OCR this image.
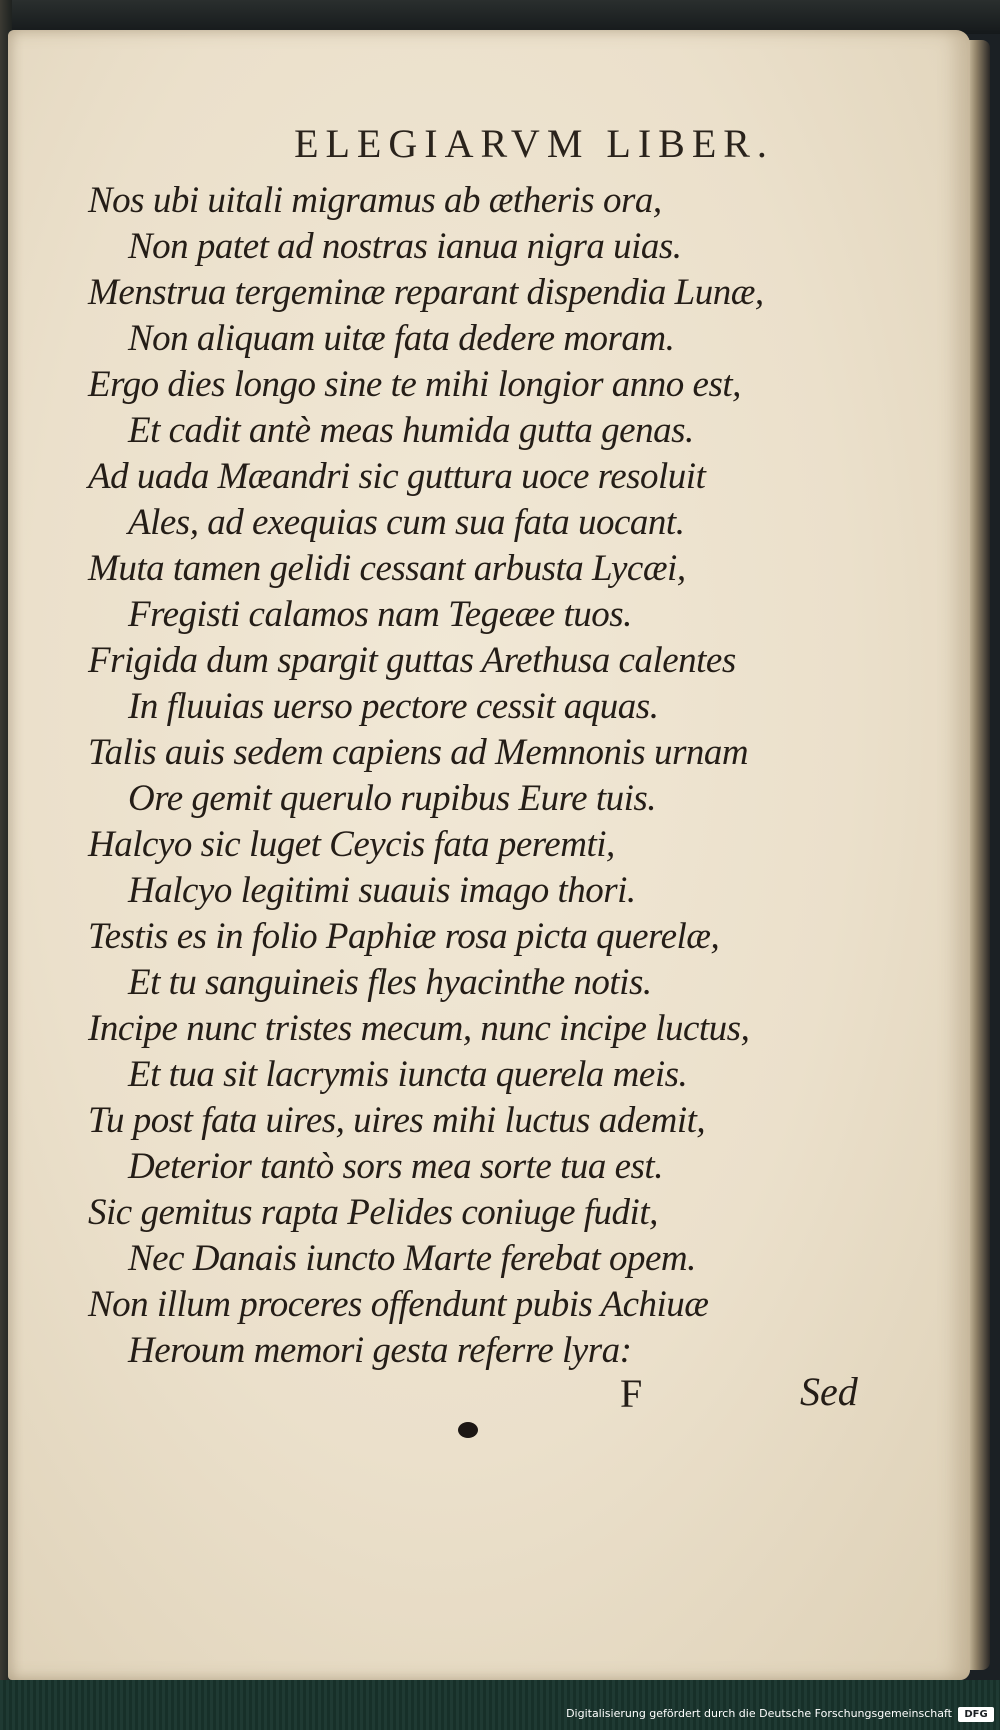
ELEGIARVM LIBER.
Nos ubi uitali migramus ab ætheris ora,
Non patet ad nostras ianua nigra uias.
Menstrua tergeminæ reparant dispendia Lunæ,
Non aliquam uitæ fata dedere moram.
Ergo dies longo sine te mihi longior anno est,
Et cadit antè meas humida gutta genas.
Ad uada Mæandri sic guttura uoce resoluit
Ales, ad exequias cum sua fata uocant.
Muta tamen gelidi cessant arbusta Lycæi,
Fregisti calamos nam Tegeæe tuos.
Frigida dum spargit guttas Arethusa calentes
In fluuias uerso pectore cessit aquas.
Talis auis sedem capiens ad Memnonis urnam
Ore gemit querulo rupibus Eure tuis.
Halcyo sic luget Ceycis fata peremti,
Halcyo legitimi suauis imago thori.
Testis es in folio Paphiæ rosa picta querelæ,
Et tu sanguineis fles hyacinthe notis.
Incipe nunc tristes mecum, nunc incipe luctus,
Et tua sit lacrymis iuncta querela meis.
Tu post fata uires, uires mihi luctus ademit,
Deterior tantò sors mea sorte tua est.
Sic gemitus rapta Pelides coniuge fudit,
Nec Danais iuncto Marte ferebat opem.
Non illum proceres offendunt pubis Achiuæ
Heroum memori gesta referre lyra:
F	Sed
Digitalisierung gefördert durch die Deutsche Forschungsgemeinschaft	DFG
